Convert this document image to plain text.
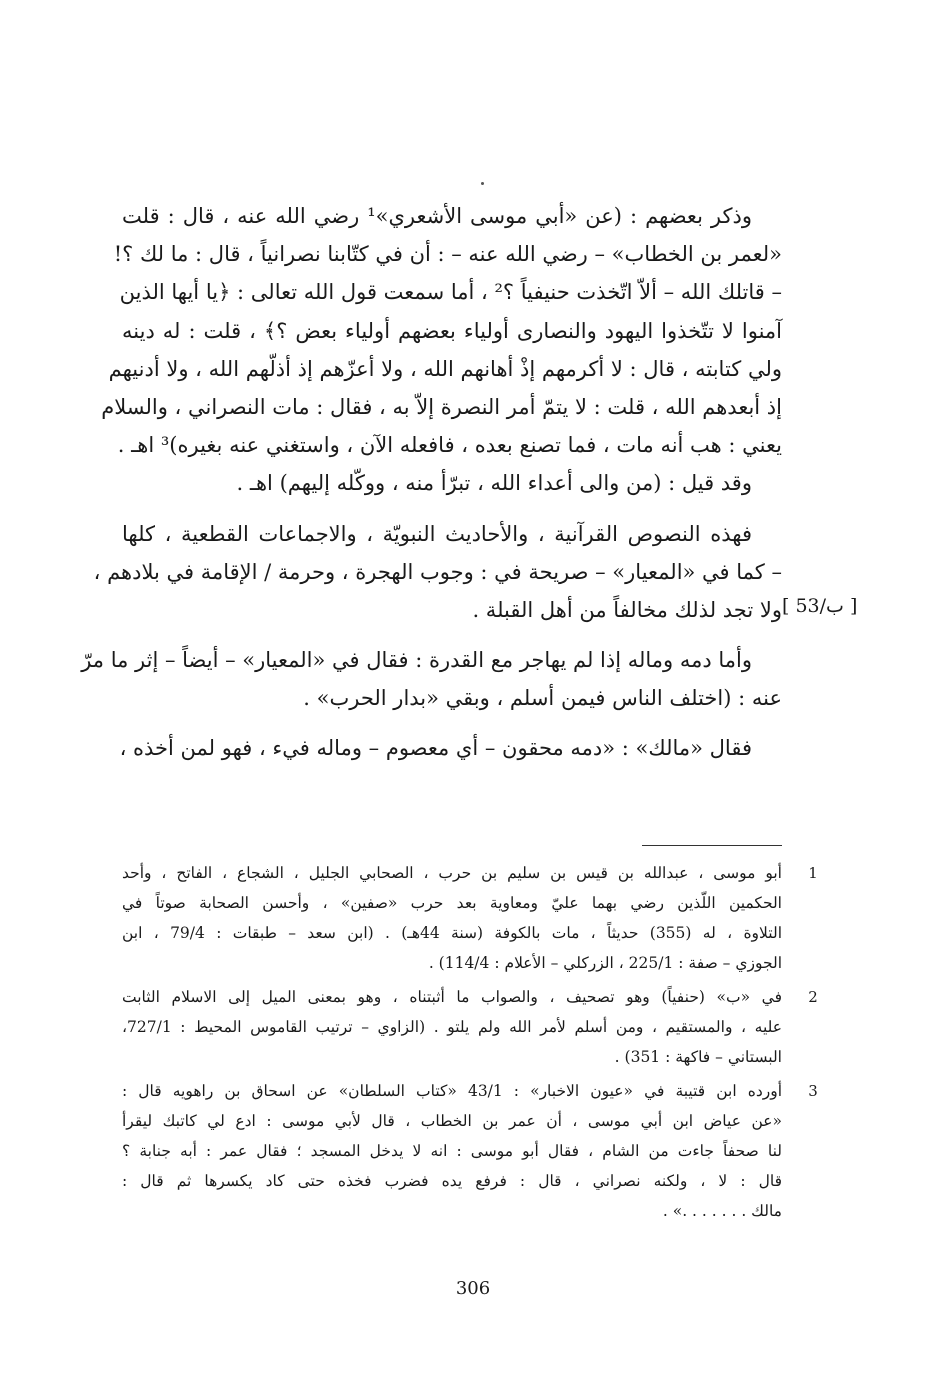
وذكر بعضهم : (عن «أبي موسى الأشعري»¹ رضي الله عنه ، قال : قلت
«لعمر بن الخطاب» – رضي الله عنه – : أن في كتّابنا نصرانياً ، قال : ما لك ؟!
– قاتلك الله – ألاّ اتّخذت حنيفياً ؟² ، أما سمعت قول الله تعالى : ﴿يا أيها الذين
آمنوا لا تتّخذوا اليهود والنصارى أولياء بعضهم أولياء بعض ؟﴾ ، قلت : له دينه
ولي كتابته ، قال : لا أكرمهم إذْ أهانهم الله ، ولا أعزّهم إذ أذلّهم الله ، ولا أدنيهم
إذ أبعدهم الله ، قلت : لا يتمّ أمر النصرة إلاّ به ، فقال : مات النصراني ، والسلام
يعني : هب أنه مات ، فما تصنع بعده ، فافعله الآن ، واستغني عنه بغيره)³ اهـ .
وقد قيل : (من والى أعداء الله ، تبرّأ منه ، ووكّله إليهم) اهـ .
فهذه النصوص القرآنية ، والأحاديث النبويّة ، والاجماعات القطعية ، كلها
– كما في «المعيار» – صريحة في : وجوب الهجرة ، وحرمة / الإقامة في بلادهم ،
ولا تجد لذلك مخالفاً من أهل القبلة .
وأما دمه وماله إذا لم يهاجر مع القدرة : فقال في «المعيار» – أيضاً – إثر ما مرّ
عنه : (اختلف الناس فيمن أسلم ، وبقي «بدار الحرب» .
فقال «مالك» : «دمه محقون – أي معصوم – وماله فيء ، فهو لمن أخذه ،
[ 53/ب ]
1
أبو موسى ، عبدالله بن قيس بن سليم بن حرب ، الصحابي الجليل ، الشجاع ، الفاتح ، وأحد
الحكمين اللّذين رضي بهما عليّ ومعاوية بعد حرب «صفين» ، وأحسن الصحابة صوتاً في
التلاوة ، له (355) حديثاً ، مات بالكوفة (سنة 44هـ) . (ابن سعد – طبقات : 79/4 ، ابن
الجوزي – صفة : 225/1 ، الزركلي – الأعلام : 114/4) .
2
في «ب» (حنفياً) وهو تصحيف ، والصواب ما أثبتناه ، وهو بمعنى الميل إلى الاسلام الثابت
عليه ، والمستقيم ، ومن أسلم لأمر الله ولم يلتو . (الزاوي – ترتيب القاموس المحيط : 727/1،
البستاني – فاكهة : 351) .
3
أورده ابن قتيبة في «عيون الاخبار» : 43/1 «كتاب السلطان» عن اسحاق بن راهويه قال :
«عن عياض ابن أبي موسى ، أن عمر بن الخطاب ، قال لأبي موسى : ادع لي كاتبك ليقرأ
لنا صحفاً جاءت من الشام ، فقال أبو موسى : انه لا يدخل المسجد ؛ فقال عمر : أبه جنابة ؟
قال : لا ، ولكنه نصراني ، قال : فرفع يده فضرب فخذه حتى كاد يكسرها ثم قال :
مالك . . . . . . .» .
306
